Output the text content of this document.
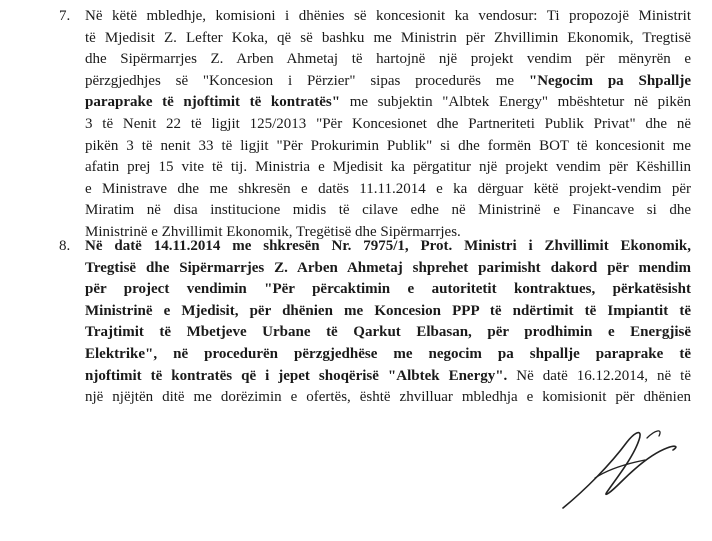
7. Në këtë mbledhje, komisioni i dhënies së koncesionit ka vendosur: Ti propozojë Ministrit
të Mjedisit Z. Lefter Koka, që së bashku me Ministrin për Zhvillimin Ekonomik, Tregtisë
dhe Sipërmarrjes Z. Arben Ahmetaj të hartojnë një projekt vendim për mënyrën e
përzgjedhjes së "Koncesion i Përzier" sipas procedurës me "Negocim pa Shpallje
paraprake të njoftimit të kontratës" me subjektin "Albtek Energy" mbështetur në pikën
3 të Nenit 22 të ligjit 125/2013 "Për Koncesionet dhe Partneriteti Publik Privat" dhe në
pikën 3 të nenit 33 të ligjit "Për Prokurimin Publik" si dhe formën BOT të koncesionit me
afatin prej 15 vite të tij. Ministria e Mjedisit ka përgatitur një projekt vendim për Këshillin
e Ministrave dhe me shkresën e datës 11.11.2014 e ka dërguar këtë projekt-vendim për
Miratim në disa institucione midis të cilave edhe në Ministrinë e Financave si dhe
Ministrinë e Zhvillimit Ekonomik, Tregëtisë dhe Sipërmarrjes.
8. Në datë 14.11.2014 me shkresën Nr. 7975/1, Prot. Ministri i Zhvillimit Ekonomik,
Tregtisë dhe Sipërmarrjes Z. Arben Ahmetaj shprehet parimisht dakord për mendim
për project vendimin "Për përcaktimin e autoritetit kontraktues, përkatësisht
Ministrinë e Mjedisit, për dhënien me Koncesion PPP të ndërtimit të Impiantit të
Trajtimit të Mbetjeve Urbane të Qarkut Elbasan, për prodhimin e Energjisë
Elektrike", në procedurën përzgjedhëse me negocim pa shpallje paraprake të
njoftimit të kontratës që i jepet shoqërisë "Albtek Energy". Në datë 16.12.2014, në të
një njëjtën ditë me dorëzimin e ofertës, është zhvilluar mbledhja e komisionit për dhënien
